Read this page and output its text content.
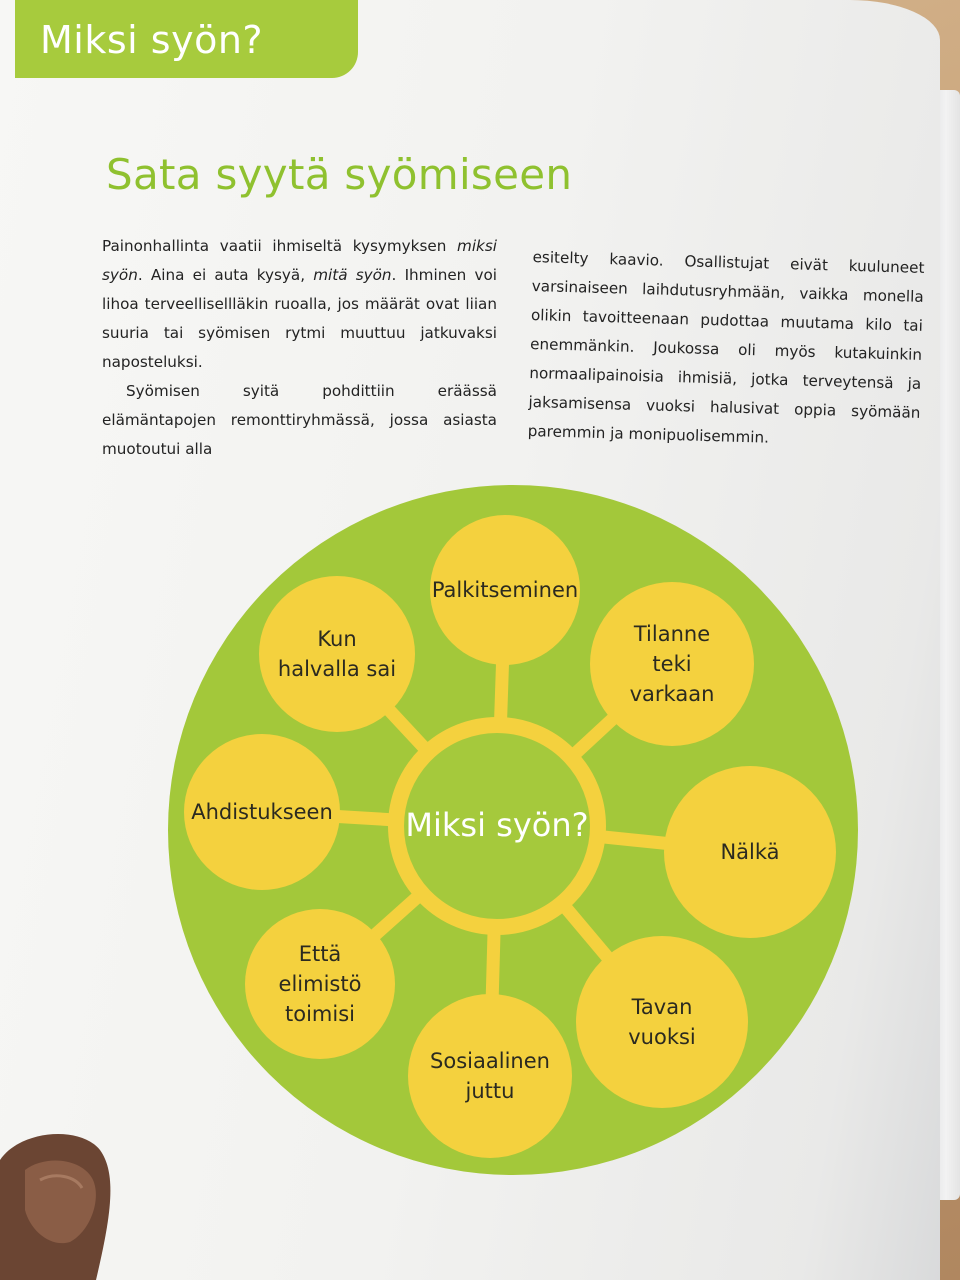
Miksi syön?
Sata syytä syömiseen

Painonhallinta vaatii ihmiseltä kysymyksen miksi syön. Aina ei auta kysyä, mitä syön. Ihminen voi lihoa terveellisellläkin ruoalla, jos määrät ovat liian suuria tai syömisen rytmi muuttuu jatkuvaksi naposteluksi.

Syömisen syitä pohdittiin eräässä elämäntapojen remonttiryhmässä, jossa asiasta muotoutui alla

esitelty kaavio. Osallistujat eivät kuuluneet varsinaiseen laihdutusryhmään, vaikka monella olikin tavoitteenaan pudottaa muutama kilo tai enemmänkin. Joukossa oli myös kutakuinkin normaalipainoisia ihmisiä, jotka terveytensä ja jaksamisensa vuoksi halusivat oppia syömään paremmin ja monipuolisemmin.

Palkitseminen
Tilanne
teki
varkaan
Nälkä
Tavan
vuoksi
Sosiaalinen
juttu
Että
elimistö
toimisi
Ahdistukseen
Kun
halvalla sai
Miksi syön?
